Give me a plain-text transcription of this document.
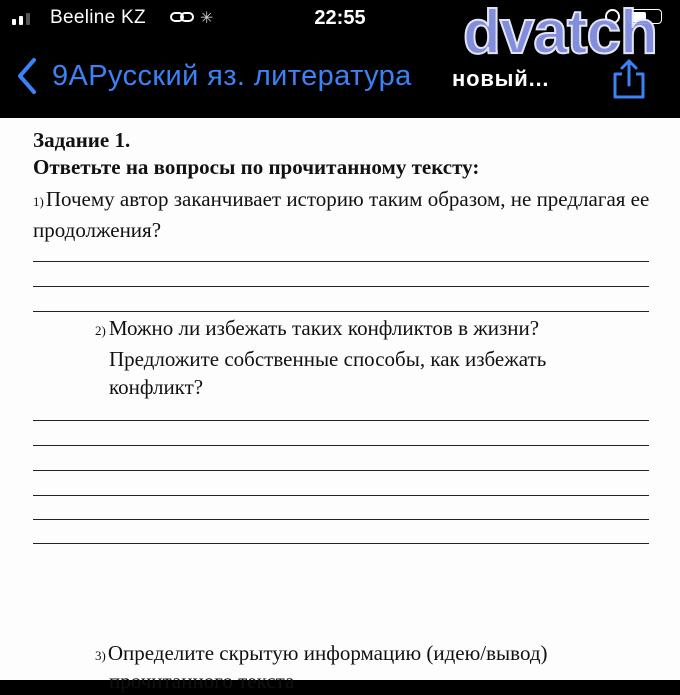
Beeline KZ	✳	22:55
9АРусский яз. литература новый...
dvatch
Задание 1.
Ответьте на вопросы по прочитанному тексту:
1)Почему автор заканчивает историю таким образом, не предлагая ее продолжения?
2) Можно ли избежать таких конфликтов в жизни?
Предложите собственные способы, как избежать
конфликт?
3)Определите скрытую информацию (идею/вывод)
прочитанного текста
